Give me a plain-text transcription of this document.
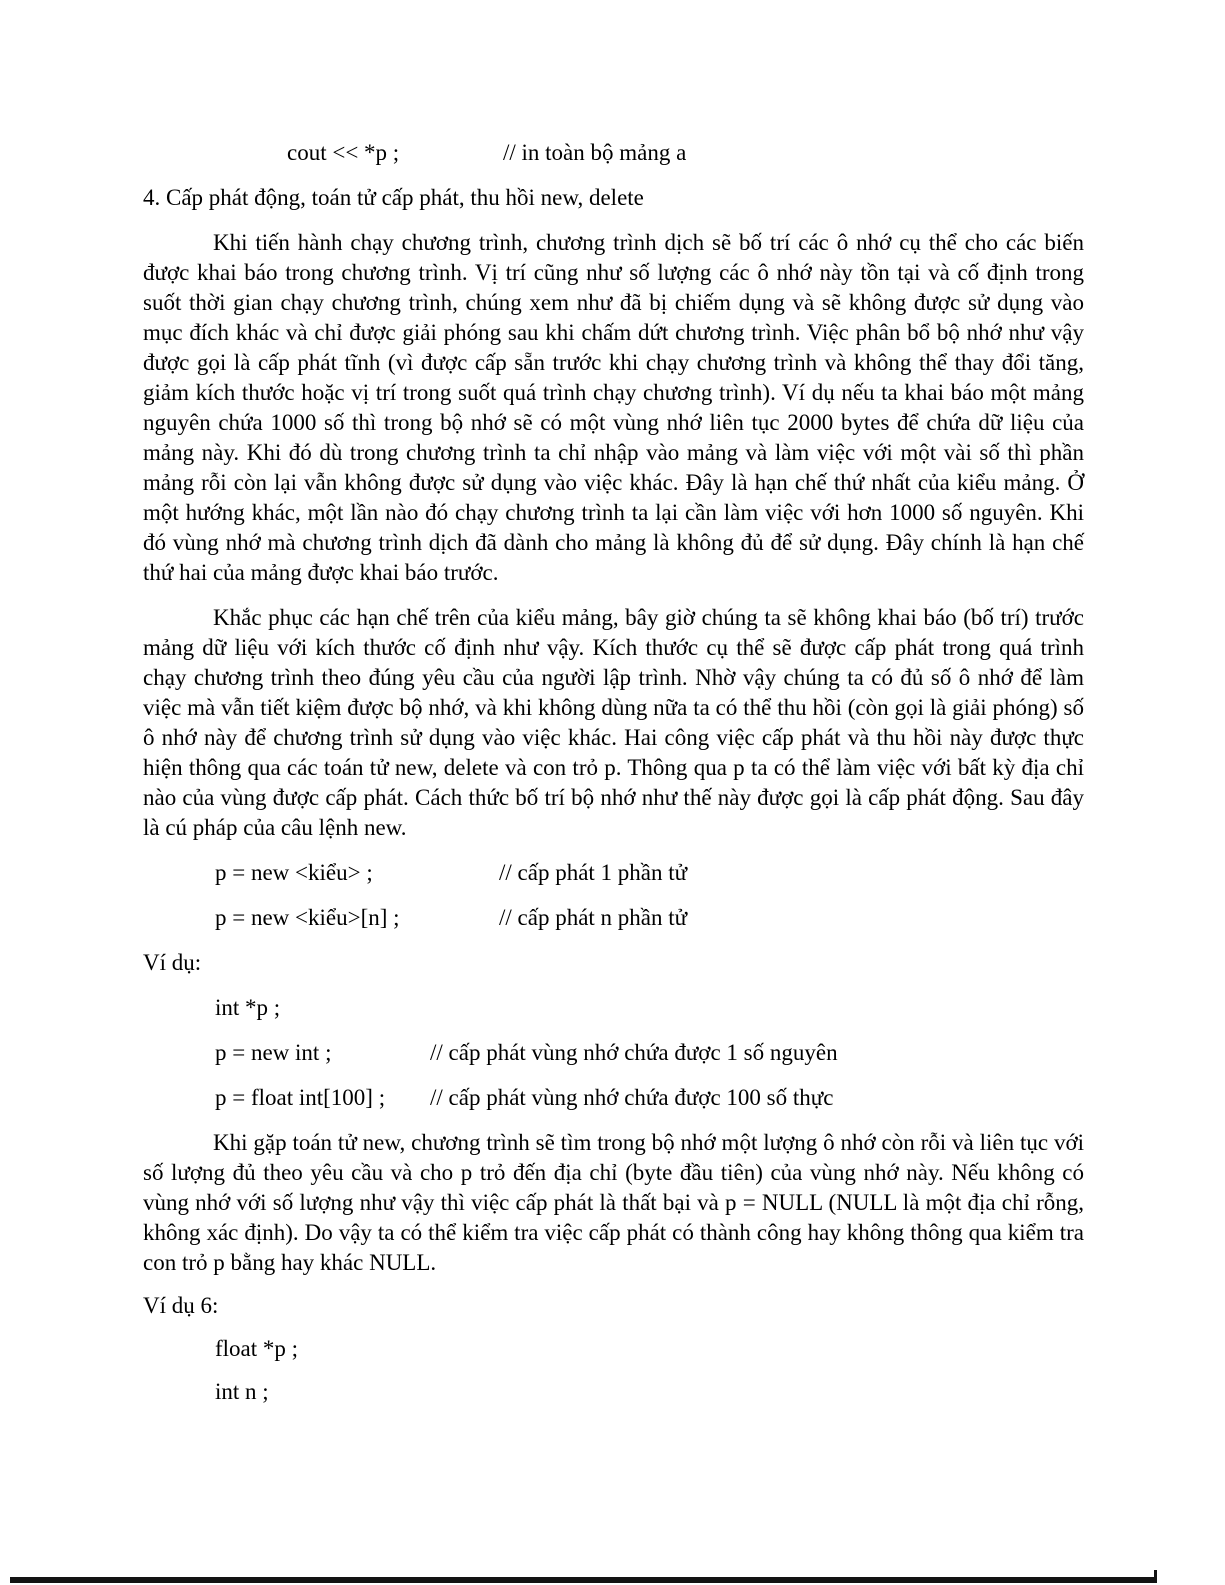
cout << *p ;	// in toàn bộ mảng a
4. Cấp phát động, toán tử cấp phát, thu hồi new, delete

Khi tiến hành chạy chương trình, chương trình dịch sẽ bố trí các ô nhớ cụ thể cho các biến được khai báo trong chương trình. Vị trí cũng như số lượng các ô nhớ này tồn tại và cố định trong suốt thời gian chạy chương trình, chúng xem như đã bị chiếm dụng và sẽ không được sử dụng vào mục đích khác và chỉ được giải phóng sau khi chấm dứt chương trình. Việc phân bổ bộ nhớ như vậy được gọi là cấp phát tĩnh (vì được cấp sẵn trước khi chạy chương trình và không thể thay đổi tăng, giảm kích thước hoặc vị trí trong suốt quá trình chạy chương trình). Ví dụ nếu ta khai báo một mảng nguyên chứa 1000 số thì trong bộ nhớ sẽ có một vùng nhớ liên tục 2000 bytes để chứa dữ liệu của mảng này. Khi đó dù trong chương trình ta chỉ nhập vào mảng và làm việc với một vài số thì phần mảng rỗi còn lại vẫn không được sử dụng vào việc khác. Đây là hạn chế thứ nhất của kiểu mảng. Ở một hướng khác, một lần nào đó chạy chương trình ta lại cần làm việc với hơn 1000 số nguyên. Khi đó vùng nhớ mà chương trình dịch đã dành cho mảng là không đủ để sử dụng. Đây chính là hạn chế thứ hai của mảng được khai báo trước.

Khắc phục các hạn chế trên của kiểu mảng, bây giờ chúng ta sẽ không khai báo (bố trí) trước mảng dữ liệu với kích thước cố định như vậy. Kích thước cụ thể sẽ được cấp phát trong quá trình chạy chương trình theo đúng yêu cầu của người lập trình. Nhờ vậy chúng ta có đủ số ô nhớ để làm việc mà vẫn tiết kiệm được bộ nhớ, và khi không dùng nữa ta có thể thu hồi (còn gọi là giải phóng) số ô nhớ này để chương trình sử dụng vào việc khác. Hai công việc cấp phát và thu hồi này được thực hiện thông qua các toán tử new, delete và con trỏ p. Thông qua p ta có thể làm việc với bất kỳ địa chỉ nào của vùng được cấp phát. Cách thức bố trí bộ nhớ như thế này được gọi là cấp phát động. Sau đây là cú pháp của câu lệnh new.

p = new <kiểu> ;	// cấp phát 1 phần tử
p = new <kiểu>[n] ;	// cấp phát n phần tử
Ví dụ:
int *p ;
p = new int ;	// cấp phát vùng nhớ chứa được 1 số nguyên
p = float int[100] ; // cấp phát vùng nhớ chứa được 100 số thực

Khi gặp toán tử new, chương trình sẽ tìm trong bộ nhớ một lượng ô nhớ còn rỗi và liên tục với số lượng đủ theo yêu cầu và cho p trỏ đến địa chỉ (byte đầu tiên) của vùng nhớ này. Nếu không có vùng nhớ với số lượng như vậy thì việc cấp phát là thất bại và p = NULL (NULL là một địa chỉ rỗng, không xác định). Do vậy ta có thể kiểm tra việc cấp phát có thành công hay không thông qua kiểm tra con trỏ p bằng hay khác NULL.

Ví dụ 6:
float *p ;
int n ;
